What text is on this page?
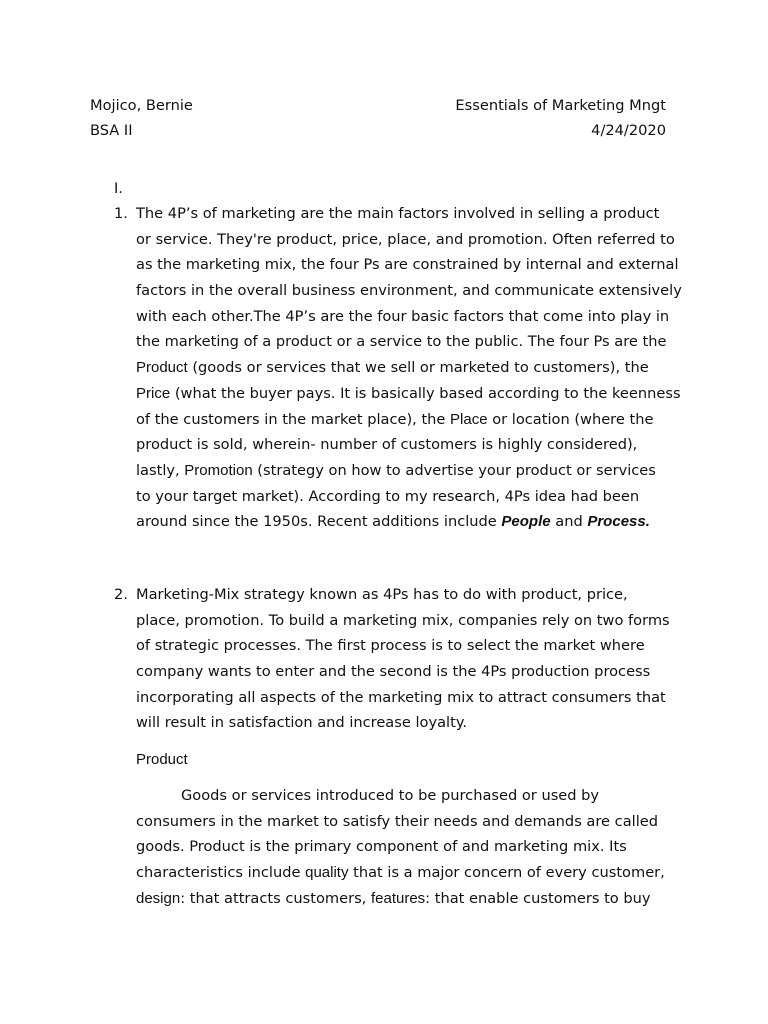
Mojico, Bernie	Essentials of Marketing Mngt
BSA II	4/24/2020
I.
1. The 4P’s of marketing are the main factors involved in selling a product
or service. They're product, price, place, and promotion. Often referred to
as the marketing mix, the four Ps are constrained by internal and external
factors in the overall business environment, and communicate extensively
with each other.The 4P’s are the four basic factors that come into play in
the marketing of a product or a service to the public. The four Ps are the
Product (goods or services that we sell or marketed to customers), the
Price (what the buyer pays. It is basically based according to the keenness
of the customers in the market place), the Place or location (where the
product is sold, wherein- number of customers is highly considered),
lastly, Promotion (strategy on how to advertise your product or services
to your target market). According to my research, 4Ps idea had been
around since the 1950s. Recent additions include People and Process.
2. Marketing-Mix strategy known as 4Ps has to do with product, price,
place, promotion. To build a marketing mix, companies rely on two forms
of strategic processes. The first process is to select the market where
company wants to enter and the second is the 4Ps production process
incorporating all aspects of the marketing mix to attract consumers that
will result in satisfaction and increase loyalty.
Product
Goods or services introduced to be purchased or used by
consumers in the market to satisfy their needs and demands are called
goods. Product is the primary component of and marketing mix. Its
characteristics include quality that is a major concern of every customer,
design: that attracts customers, features: that enable customers to buy
